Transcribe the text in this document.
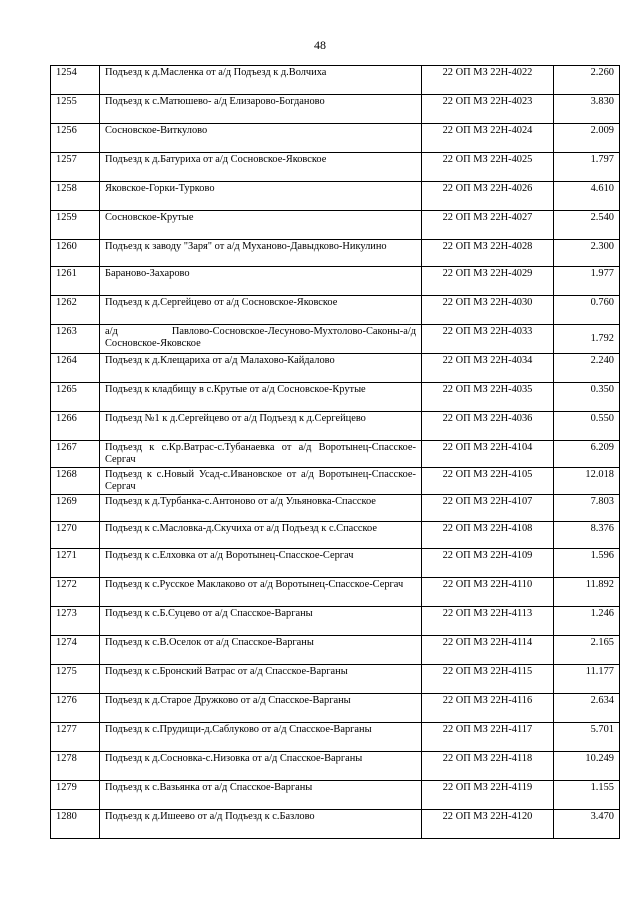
48
1254	Подъезд к д.Масленка от а/д Подъезд к д.Волчиха	22 ОП МЗ 22Н-4022	2.260
1255	Подъезд к с.Матюшево- а/д Елизарово-Богданово	22 ОП МЗ 22Н-4023	3.830
1256	Сосновское-Виткулово	22 ОП МЗ 22Н-4024	2.009
1257	Подъезд к д.Батуриха от а/д Сосновское-Яковское	22 ОП МЗ 22Н-4025	1.797
1258	Яковское-Горки-Турково	22 ОП МЗ 22Н-4026	4.610
1259	Сосновское-Крутые	22 ОП МЗ 22Н-4027	2.540
1260	Подъезд к заводу "Заря" от а/д Муханово-Давыдково-Никулино	22 ОП МЗ 22Н-4028	2.300
1261	Бараново-Захарово	22 ОП МЗ 22Н-4029	1.977
1262	Подъезд к д.Сергейцево от а/д Сосновское-Яковское	22 ОП МЗ 22Н-4030	0.760
1263	а/д Павлово-Сосновское-Лесуново-Мухтолово-Саконы-а/д Сосновское-Яковское	22 ОП МЗ 22Н-4033	1.792
1264	Подъезд к д.Клещариха от а/д Малахово-Кайдалово	22 ОП МЗ 22Н-4034	2.240
1265	Подъезд к кладбищу в с.Крутые от а/д Сосновское-Крутые	22 ОП МЗ 22Н-4035	0.350
1266	Подъезд №1 к д.Сергейцево от а/д Подъезд к д.Сергейцево	22 ОП МЗ 22Н-4036	0.550
1267	Подъезд к с.Кр.Ватрас-с.Тубанаевка от а/д Воротынец-Спасское-Сергач	22 ОП МЗ 22Н-4104	6.209
1268	Подъезд к с.Новый Усад-с.Ивановское от а/д Воротынец-Спасское-Сергач	22 ОП МЗ 22Н-4105	12.018
1269	Подъезд к д.Турбанка-с.Антоново от а/д Ульяновка-Спасское	22 ОП МЗ 22Н-4107	7.803
1270	Подъезд к с.Масловка-д.Скучиха от а/д Подъезд к с.Спасское	22 ОП МЗ 22Н-4108	8.376
1271	Подъезд к с.Елховка от а/д Воротынец-Спасское-Сергач	22 ОП МЗ 22Н-4109	1.596
1272	Подъезд к с.Русское Маклаково от а/д Воротынец-Спасское-Сергач	22 ОП МЗ 22Н-4110	11.892
1273	Подъезд к с.Б.Суцево от а/д Спасское-Варганы	22 ОП МЗ 22Н-4113	1.246
1274	Подъезд к с.В.Оселок от а/д Спасское-Варганы	22 ОП МЗ 22Н-4114	2.165
1275	Подъезд к с.Бронский Ватрас от а/д Спасское-Варганы	22 ОП МЗ 22Н-4115	11.177
1276	Подъезд к д.Старое Дружково от а/д Спасское-Варганы	22 ОП МЗ 22Н-4116	2.634
1277	Подъезд к с.Прудищи-д.Саблуково от а/д Спасское-Варганы	22 ОП МЗ 22Н-4117	5.701
1278	Подъезд к д.Сосновка-с.Низовка от а/д Спасское-Варганы	22 ОП МЗ 22Н-4118	10.249
1279	Подъезд к с.Вазьянка от а/д Спасское-Варганы	22 ОП МЗ 22Н-4119	1.155
1280	Подъезд к д.Ишеево от а/д Подъезд к с.Базлово	22 ОП МЗ 22Н-4120	3.470
